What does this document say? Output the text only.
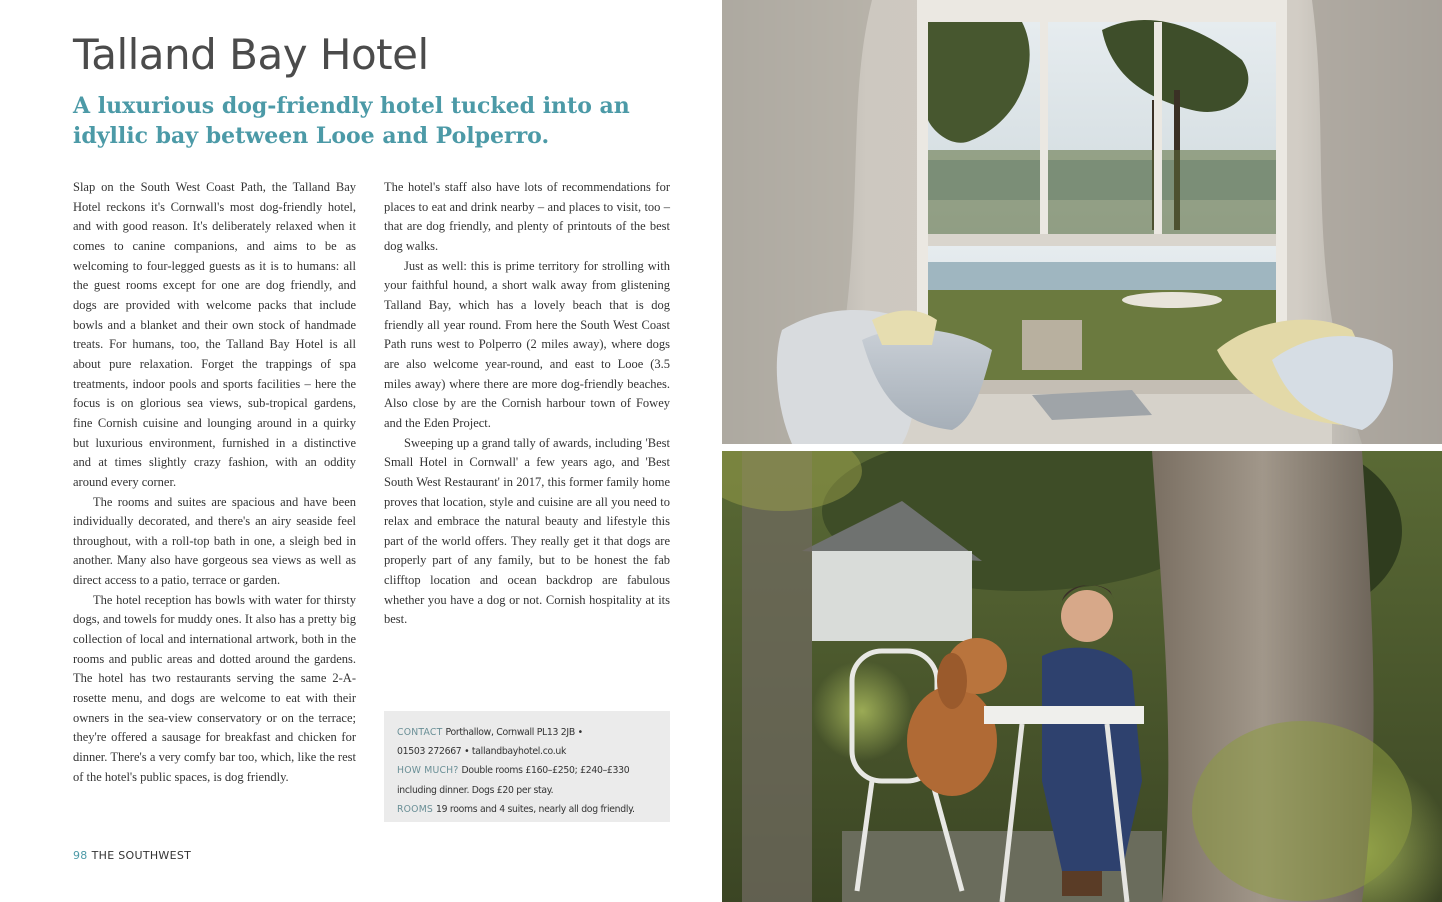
Talland Bay Hotel
A luxurious dog-friendly hotel tucked into an idyllic bay between Looe and Polperro.

Slap on the South West Coast Path, the Talland Bay Hotel reckons it's Cornwall's most dog-friendly hotel, and with good reason. It's deliberately relaxed when it comes to canine companions, and aims to be as welcoming to four-legged guests as it is to humans: all the guest rooms except for one are dog friendly, and dogs are provided with welcome packs that include bowls and a blanket and their own stock of handmade treats. For humans, too, the Talland Bay Hotel is all about pure relaxation. Forget the trappings of spa treatments, indoor pools and sports facilities – here the focus is on glorious sea views, sub-tropical gardens, fine Cornish cuisine and lounging around in a quirky but luxurious environment, furnished in a distinctive and at times slightly crazy fashion, with an oddity around every corner.

The rooms and suites are spacious and have been individually decorated, and there's an airy seaside feel throughout, with a roll-top bath in one, a sleigh bed in another. Many also have gorgeous sea views as well as direct access to a patio, terrace or garden.

The hotel reception has bowls with water for thirsty dogs, and towels for muddy ones. It also has a pretty big collection of local and international artwork, both in the rooms and public areas and dotted around the gardens. The hotel has two restaurants serving the same 2-A-rosette menu, and dogs are welcome to eat with their owners in the sea-view conservatory or on the terrace; they're offered a sausage for breakfast and chicken for dinner. There's a very comfy bar too, which, like the rest of the hotel's public spaces, is dog friendly.

The hotel's staff also have lots of recommendations for places to eat and drink nearby – and places to visit, too – that are dog friendly, and plenty of printouts of the best dog walks.

Just as well: this is prime territory for strolling with your faithful hound, a short walk away from glistening Talland Bay, which has a lovely beach that is dog friendly all year round. From here the South West Coast Path runs west to Polperro (2 miles away), where dogs are also welcome year-round, and east to Looe (3.5 miles away) where there are more dog-friendly beaches. Also close by are the Cornish harbour town of Fowey and the Eden Project.

Sweeping up a grand tally of awards, including 'Best Small Hotel in Cornwall' a few years ago, and 'Best South West Restaurant' in 2017, this former family home proves that location, style and cuisine are all you need to relax and embrace the natural beauty and lifestyle this part of the world offers. They really get it that dogs are properly part of any family, but to be honest the fab clifftop location and ocean backdrop are fabulous whether you have a dog or not. Cornish hospitality at its best.

CONTACT Porthallow, Cornwall PL13 2JB •
01503 272667 • tallandbayhotel.co.uk
HOW MUCH? Double rooms £160–£250; £240–£330
including dinner. Dogs £20 per stay.
ROOMS 19 rooms and 4 suites, nearly all dog friendly.
98 THE SOUTHWEST
